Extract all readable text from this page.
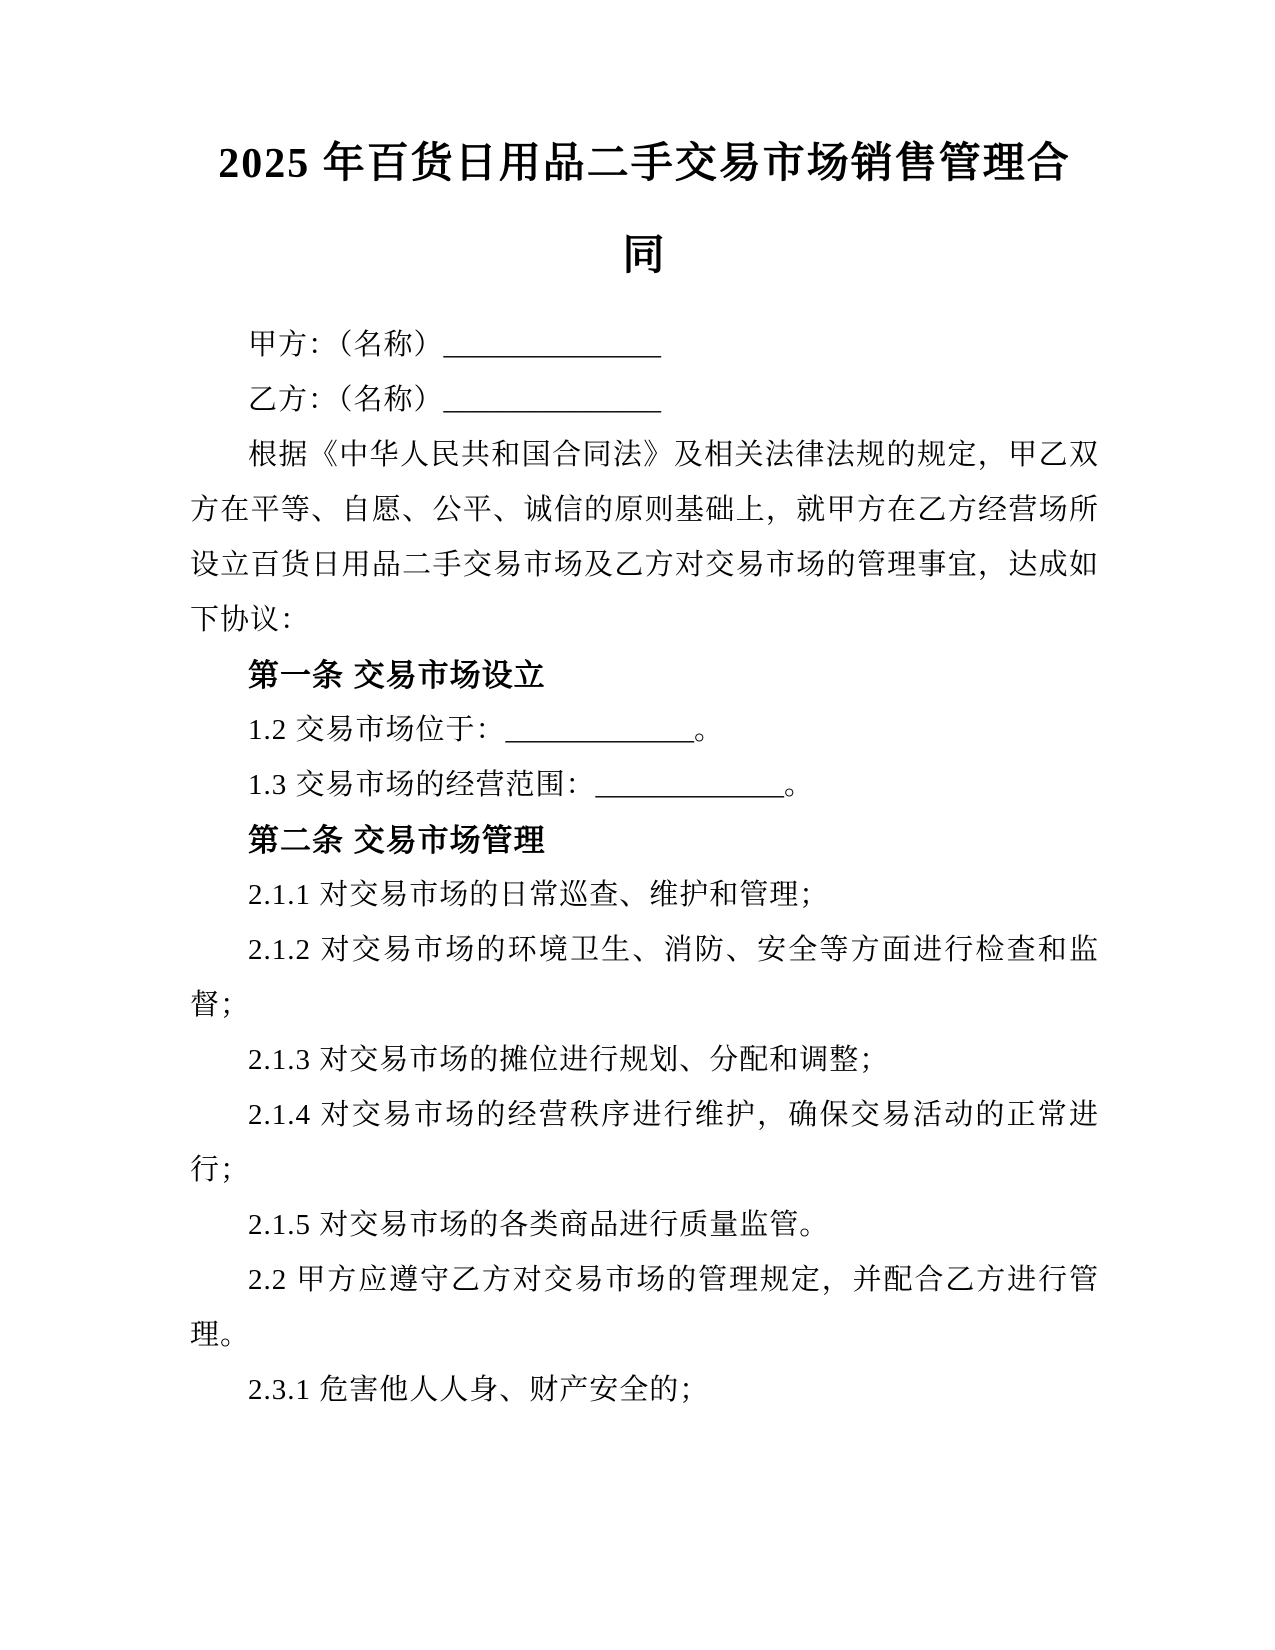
2025 年百货日用品二手交易市场销售管理合
同

甲方：（名称）_______________

乙方：（名称）_______________

根据《中华人民共和国合同法》及相关法律法规的规定，甲乙双方在平等、自愿、公平、诚信的原则基础上，就甲方在乙方经营场所设立百货日用品二手交易市场及乙方对交易市场的管理事宜，达成如下协议：

第一条 交易市场设立

1.2 交易市场位于：_____________。

1.3 交易市场的经营范围：_____________。

第二条 交易市场管理

2.1.1 对交易市场的日常巡查、维护和管理；

2.1.2 对交易市场的环境卫生、消防、安全等方面进行检查和监督；

2.1.3 对交易市场的摊位进行规划、分配和调整；

2.1.4 对交易市场的经营秩序进行维护，确保交易活动的正常进行；

2.1.5 对交易市场的各类商品进行质量监管。

2.2 甲方应遵守乙方对交易市场的管理规定，并配合乙方进行管理。

2.3.1 危害他人人身、财产安全的；
